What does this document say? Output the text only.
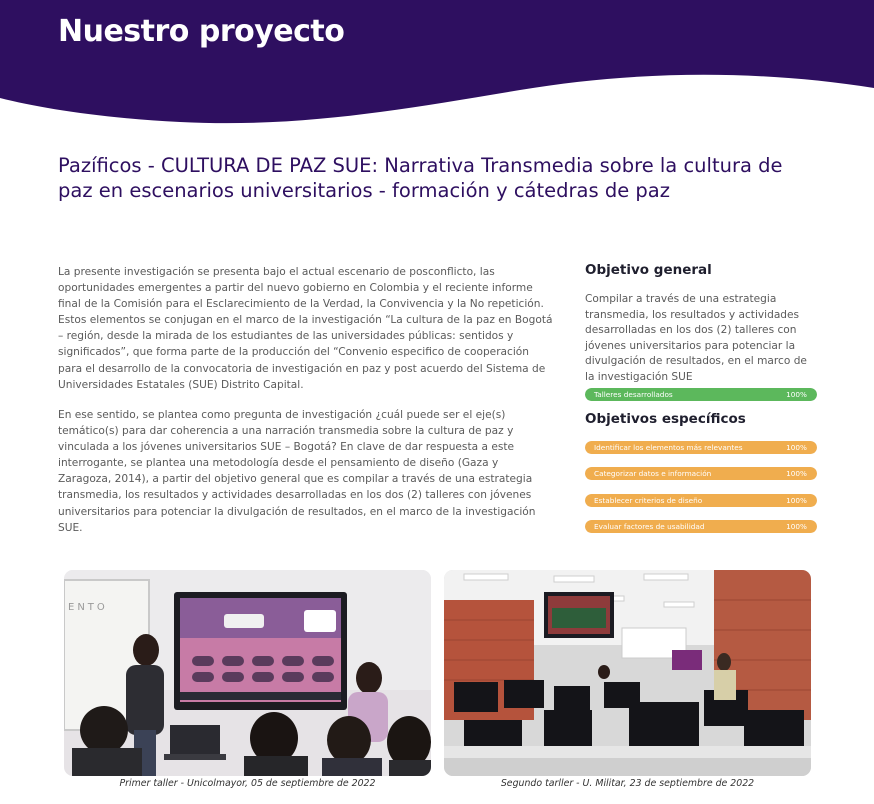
Nuestro proyecto
Pazíficos - CULTURA DE PAZ SUE: Narrativa Transmedia sobre la cultura de paz en escenarios universitarios - formación y cátedras de paz

La presente investigación se presenta bajo el actual escenario de posconflicto, las oportunidades emergentes a partir del nuevo gobierno en Colombia y el reciente informe final de la Comisión para el Esclarecimiento de la Verdad, la Convivencia y la No repetición. Estos elementos se conjugan en el marco de la investigación “La cultura de la paz en Bogotá – región, desde la mirada de los estudiantes de las universidades públicas: sentidos y significados”, que forma parte de la producción del “Convenio especifico de cooperación para el desarrollo de la convocatoria de investigación en paz y post acuerdo del Sistema de Universidades Estatales (SUE) Distrito Capital.

En ese sentido, se plantea como pregunta de investigación ¿cuál puede ser el eje(s) temático(s) para dar coherencia a una narración transmedia sobre la cultura de paz y vinculada a los jóvenes universitarios SUE – Bogotá? En clave de dar respuesta a este interrogante, se plantea una metodología desde el pensamiento de diseño (Gaza y Zaragoza, 2014), a partir del objetivo general que es compilar a través de una estrategia transmedia, los resultados y actividades desarrolladas en los dos (2) talleres con jóvenes universitarios para potenciar la divulgación de resultados, en el marco de la investigación SUE.

Objetivo general

Compilar a través de una estrategia transmedia, los resultados y actividades desarrolladas en los dos (2) talleres con jóvenes universitarios para potenciar la divulgación de resultados, en el marco de la investigación SUE

Talleres desarrollados	100%
Objetivos específicos
Identificar los elementos más relevantes	100%
Categorizar datos e información	100%
Establecer criterios de diseño	100%
Evaluar factores de usabilidad	100%
ENTO
Primer taller - Unicolmayor, 05 de septiembre de 2022	Segundo tarller - U. Militar, 23 de septiembre de 2022
